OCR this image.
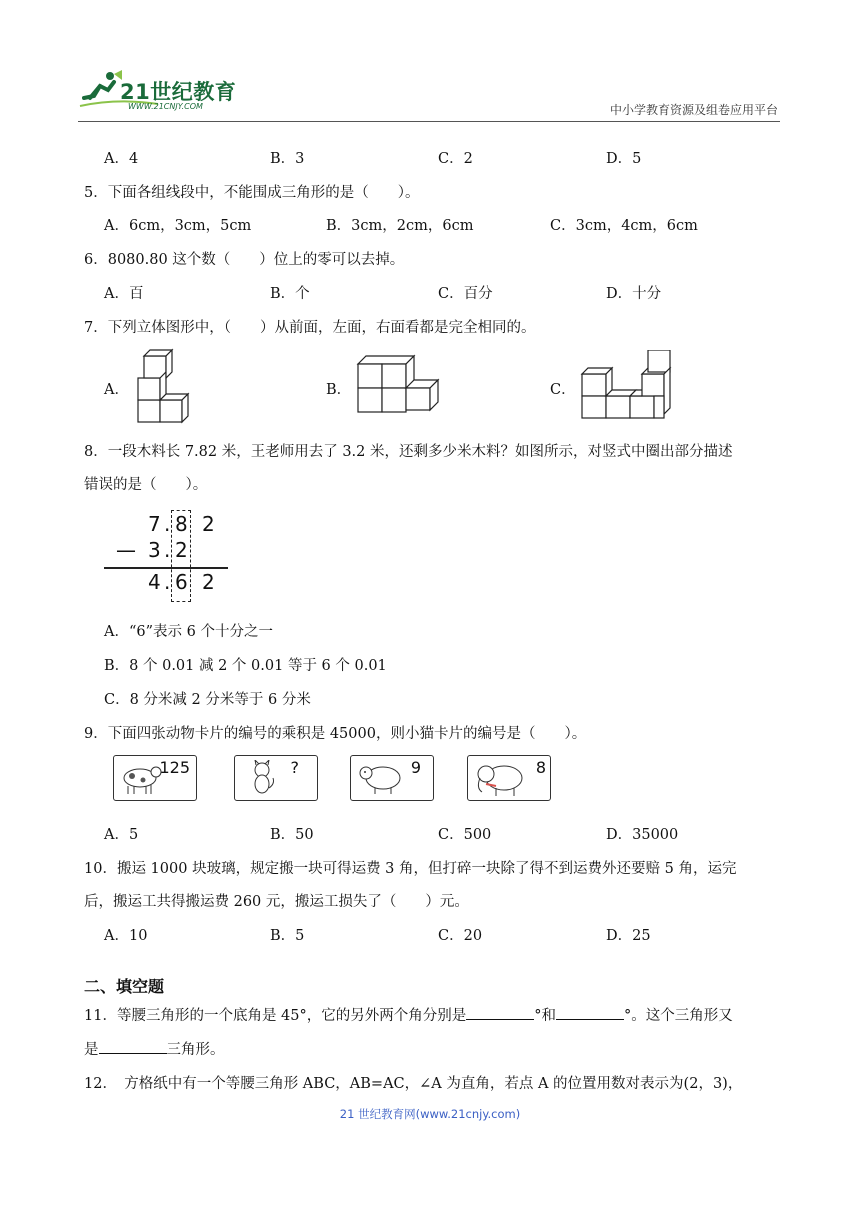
21世纪教育
WWW.21CNJY.COM	中小学教育资源及组卷应用平台
A．4	B．3	C．2	D．5
5．下面各组线段中，不能围成三角形的是（　　）。
A．6cm，3cm，5cm	B．3cm，2cm，6cm	C．3cm，4cm，6cm
6．8080.80 这个数（　　）位上的零可以去掉。
A．百	B．个	C．百分	D．十分
7．下列立体图形中，（　　）从前面，左面，右面看都是完全相同的。
A．	B．	C．
8．一段木料长 7.82 米，王老师用去了 3.2 米，还剩多少米木料？如图所示，对竖式中圈出部分描述
错误的是（　　）。
7 . 8 2
— 3 . 2
4 . 6 2
A．“6”表示 6 个十分之一
B．8 个 0.01 减 2 个 0.01 等于 6 个 0.01
C．8 分米减 2 分米等于 6 分米
9．下面四张动物卡片的编号的乘积是 45000，则小猫卡片的编号是（　　）。
125	?	9	8
A．5	B．50	C．500	D．35000
10．搬运 1000 块玻璃，规定搬一块可得运费 3 角，但打碎一块除了得不到运费外还要赔 5 角，运完
后，搬运工共得搬运费 260 元，搬运工损失了（　　）元。
A．10	B．5	C．20	D．25
二、填空题
11．等腰三角形的一个底角是 45°，它的另外两个角分别是	°和	°。这个三角形又
是	三角形。
12．　方格纸中有一个等腰三角形 ABC，AB=AC，∠A 为直角，若点 A 的位置用数对表示为(2，3)，
21 世纪教育网(www.21cnjy.com)
